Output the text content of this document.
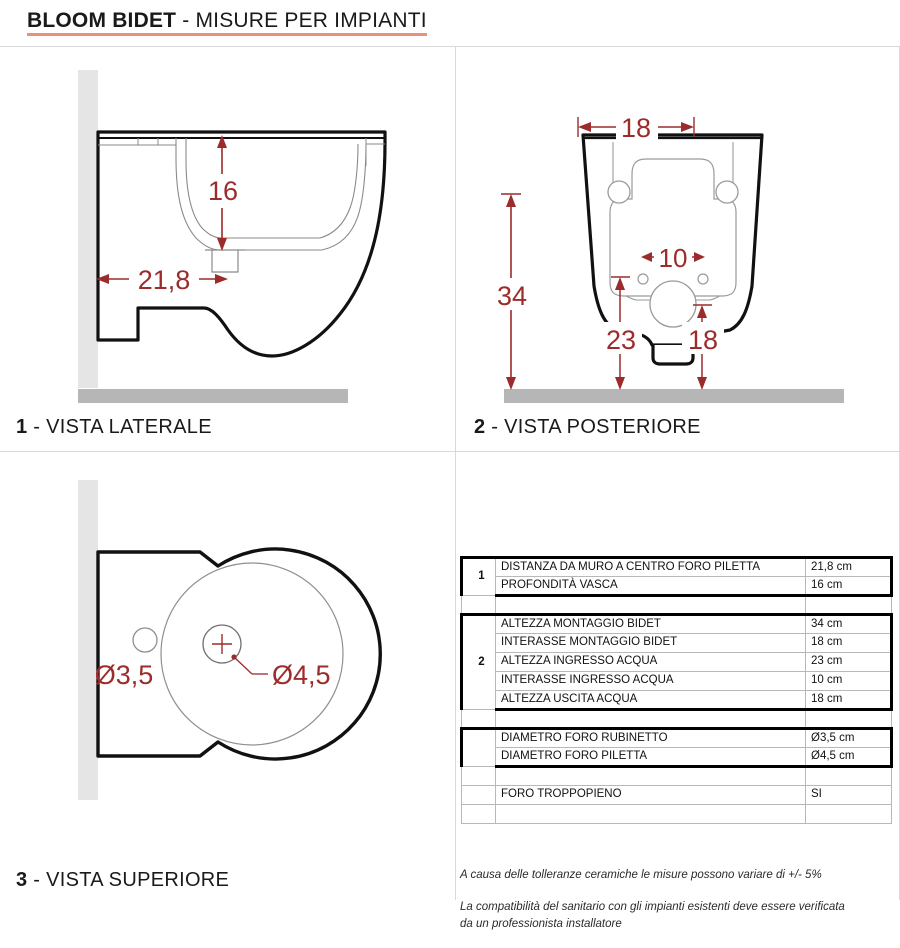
BLOOM BIDET - MISURE PER IMPIANTI
16
21,8
1 - VISTA LATERALE
18
34
10
23 18
2 - VISTA POSTERIORE
Ø3,5	Ø4,5
3 - VISTA SUPERIORE
1	DISTANZA DA MURO A CENTRO FORO PILETTA	21,8 cm
	PROFONDITÀ VASCA	16 cm

2	ALTEZZA MONTAGGIO BIDET	34 cm
	INTERASSE MONTAGGIO BIDET	18 cm
	ALTEZZA INGRESSO ACQUA	23 cm
	INTERASSE INGRESSO ACQUA	10 cm
	ALTEZZA USCITA ACQUA	18 cm

	DIAMETRO FORO RUBINETTO	Ø3,5 cm
	DIAMETRO FORO PILETTA	Ø4,5 cm

	FORO TROPPOPIENO	SI

A causa delle tolleranze ceramiche le misure possono variare di +/- 5%
La compatibilità del sanitario con gli impianti esistenti deve essere verificata da un professionista installatore
